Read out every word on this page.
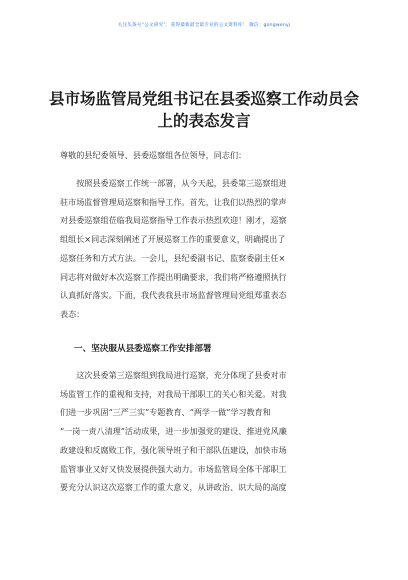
关注头条号“公文研究”，获得最新最全最专业的公文资料库！ 微信：gongwenyj
县市场监管局党组书记在县委巡察工作动员会
上的表态发言
尊敬的县纪委领导、县委巡察组各位领导，同志们：
　　按照县委巡察工作统一部署，从今天起，县委第三巡察组进
驻市场监督管理局巡察和指导工作。首先，让我们以热烈的掌声
对县委巡察组莅临我局巡察指导工作表示热烈欢迎！刚才，巡察
组组长×同志深刻阐述了开展巡察工作的重要意义，明确提出了
巡察任务和方式方法。一会儿，县纪委副书记、监察委副主任×
同志将对做好本次巡察工作提出明确要求，我们将严格遵照执行
认真抓好落实。下面，我代表我县市场监督管理局党组郑重表态
表态：
一、坚决服从县委巡察工作安排部署
　　这次县委第三巡察组到我局进行巡察，充分体现了县委对市
场监管工作的重视和支持，对我局干部职工的关心和关爱。对我
们进一步巩固“三严三实”专题教育、“两学一做”学习教育和
“一岗一责八清理”活动成果，进一步加强党的建设、推进党风廉
政建设和反腐败工作，强化领导班子和干部队伍建设，加快市场
监管事业又好又快发展提供强大动力。市场监管局全体干部职工
要充分认识这次巡察工作的重大意义，从讲政治、识大局的高度
